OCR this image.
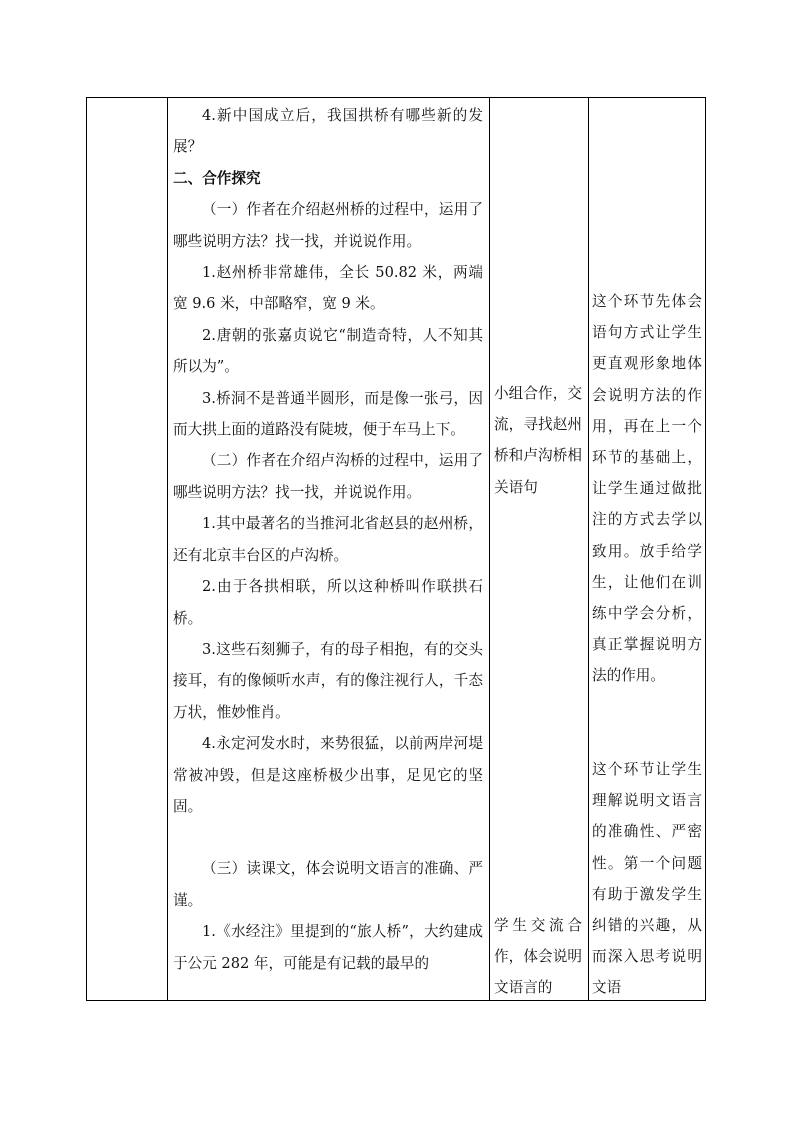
4.新中国成立后，我国拱桥有哪些新的发展？

二、合作探究

（一）作者在介绍赵州桥的过程中，运用了哪些说明方法？找一找，并说说作用。

1.赵州桥非常雄伟，全长 50.82 米，两端宽 9.6 米，中部略窄，宽 9 米。

2.唐朝的张嘉贞说它“制造奇特，人不知其所以为”。

3.桥洞不是普通半圆形，而是像一张弓，因而大拱上面的道路没有陡坡，便于车马上下。

（二）作者在介绍卢沟桥的过程中，运用了哪些说明方法？找一找，并说说作用。

1.其中最著名的当推河北省赵县的赵州桥，还有北京丰台区的卢沟桥。

2.由于各拱相联，所以这种桥叫作联拱石桥。

3.这些石刻狮子，有的母子相抱，有的交头接耳，有的像倾听水声，有的像注视行人，千态万状，惟妙惟肖。

4.永定河发水时，来势很猛，以前两岸河堤常被冲毁，但是这座桥极少出事，足见它的坚固。

（三）读课文，体会说明文语言的准确、严谨。

1.《水经注》里提到的“旅人桥”，大约建成于公元 282 年，可能是有记载的最早的

小组合作，交流，寻找赵州桥和卢沟桥相关语句

学生交流合作，体会说明文语言的

这个环节先体会语句方式让学生更直观形象地体会说明方法的作用，再在上一个环节的基础上，让学生通过做批注的方式去学以致用。放手给学生，让他们在训练中学会分析，真正掌握说明方法的作用。

这个环节让学生理解说明文语言的准确性、严密性。第一个问题有助于激发学生纠错的兴趣，从而深入思考说明文语
